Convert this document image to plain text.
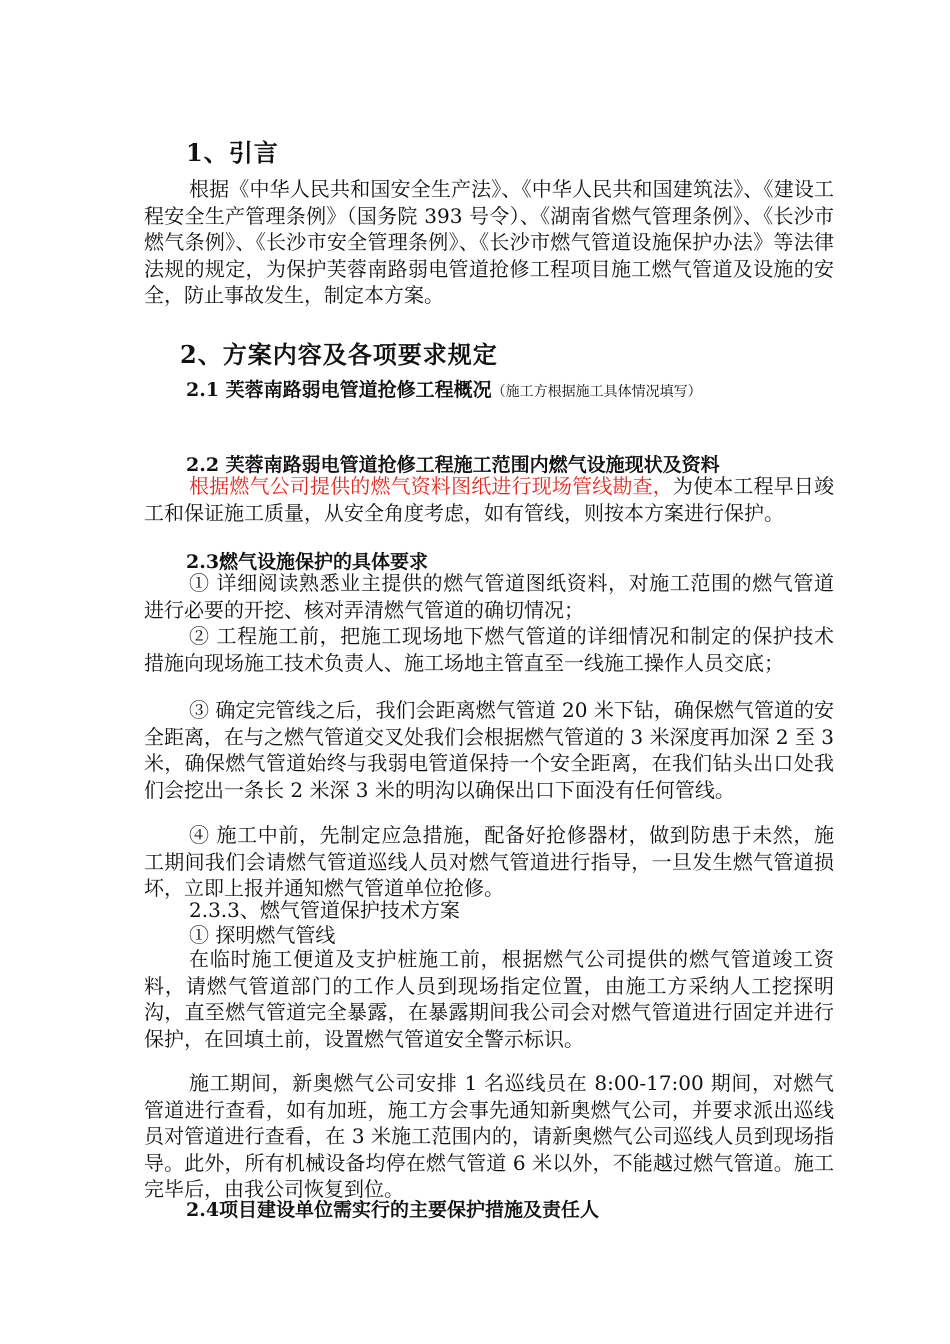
1、引言
根据《中华人民共和国安全生产法》、《中华人民共和国建筑法》、《建设工程安全生产管理条例》（国务院 393 号令）、《湖南省燃气管理条例》、《长沙市燃气条例》、《长沙市安全管理条例》、《长沙市燃气管道设施保护办法》等法律法规的规定，为保护芙蓉南路弱电管道抢修工程项目施工燃气管道及设施的安全，防止事故发生，制定本方案。
2、方案内容及各项要求规定
2.1 芙蓉南路弱电管道抢修工程概况（施工方根据施工具体情况填写）
2.2 芙蓉南路弱电管道抢修工程施工范围内燃气设施现状及资料
根据燃气公司提供的燃气资料图纸进行现场管线勘查，为使本工程早日竣工和保证施工质量，从安全角度考虑，如有管线，则按本方案进行保护。
2.3燃气设施保护的具体要求
① 详细阅读熟悉业主提供的燃气管道图纸资料，对施工范围的燃气管道进行必要的开挖、核对弄清燃气管道的确切情况；
② 工程施工前，把施工现场地下燃气管道的详细情况和制定的保护技术措施向现场施工技术负责人、施工场地主管直至一线施工操作人员交底；
③ 确定完管线之后，我们会距离燃气管道 20 米下钻，确保燃气管道的安全距离，在与之燃气管道交叉处我们会根据燃气管道的 3 米深度再加深 2 至 3 米，确保燃气管道始终与我弱电管道保持一个安全距离，在我们钻头出口处我们会挖出一条长 2 米深 3 米的明沟以确保出口下面没有任何管线。
④ 施工中前，先制定应急措施，配备好抢修器材，做到防患于未然，施工期间我们会请燃气管道巡线人员对燃气管道进行指导，一旦发生燃气管道损坏，立即上报并通知燃气管道单位抢修。
2.3.3、燃气管道保护技术方案
① 探明燃气管线
在临时施工便道及支护桩施工前，根据燃气公司提供的燃气管道竣工资料，请燃气管道部门的工作人员到现场指定位置，由施工方采纳人工挖探明沟，直至燃气管道完全暴露，在暴露期间我公司会对燃气管道进行固定并进行保护，在回填土前，设置燃气管道安全警示标识。
施工期间，新奥燃气公司安排 1 名巡线员在 8:00-17:00 期间，对燃气管道进行查看，如有加班，施工方会事先通知新奥燃气公司，并要求派出巡线员对管道进行查看，在 3 米施工范围内的，请新奥燃气公司巡线人员到现场指导。此外，所有机械设备均停在燃气管道 6 米以外，不能越过燃气管道。施工完毕后，由我公司恢复到位。
2.4项目建设单位需实行的主要保护措施及责任人
